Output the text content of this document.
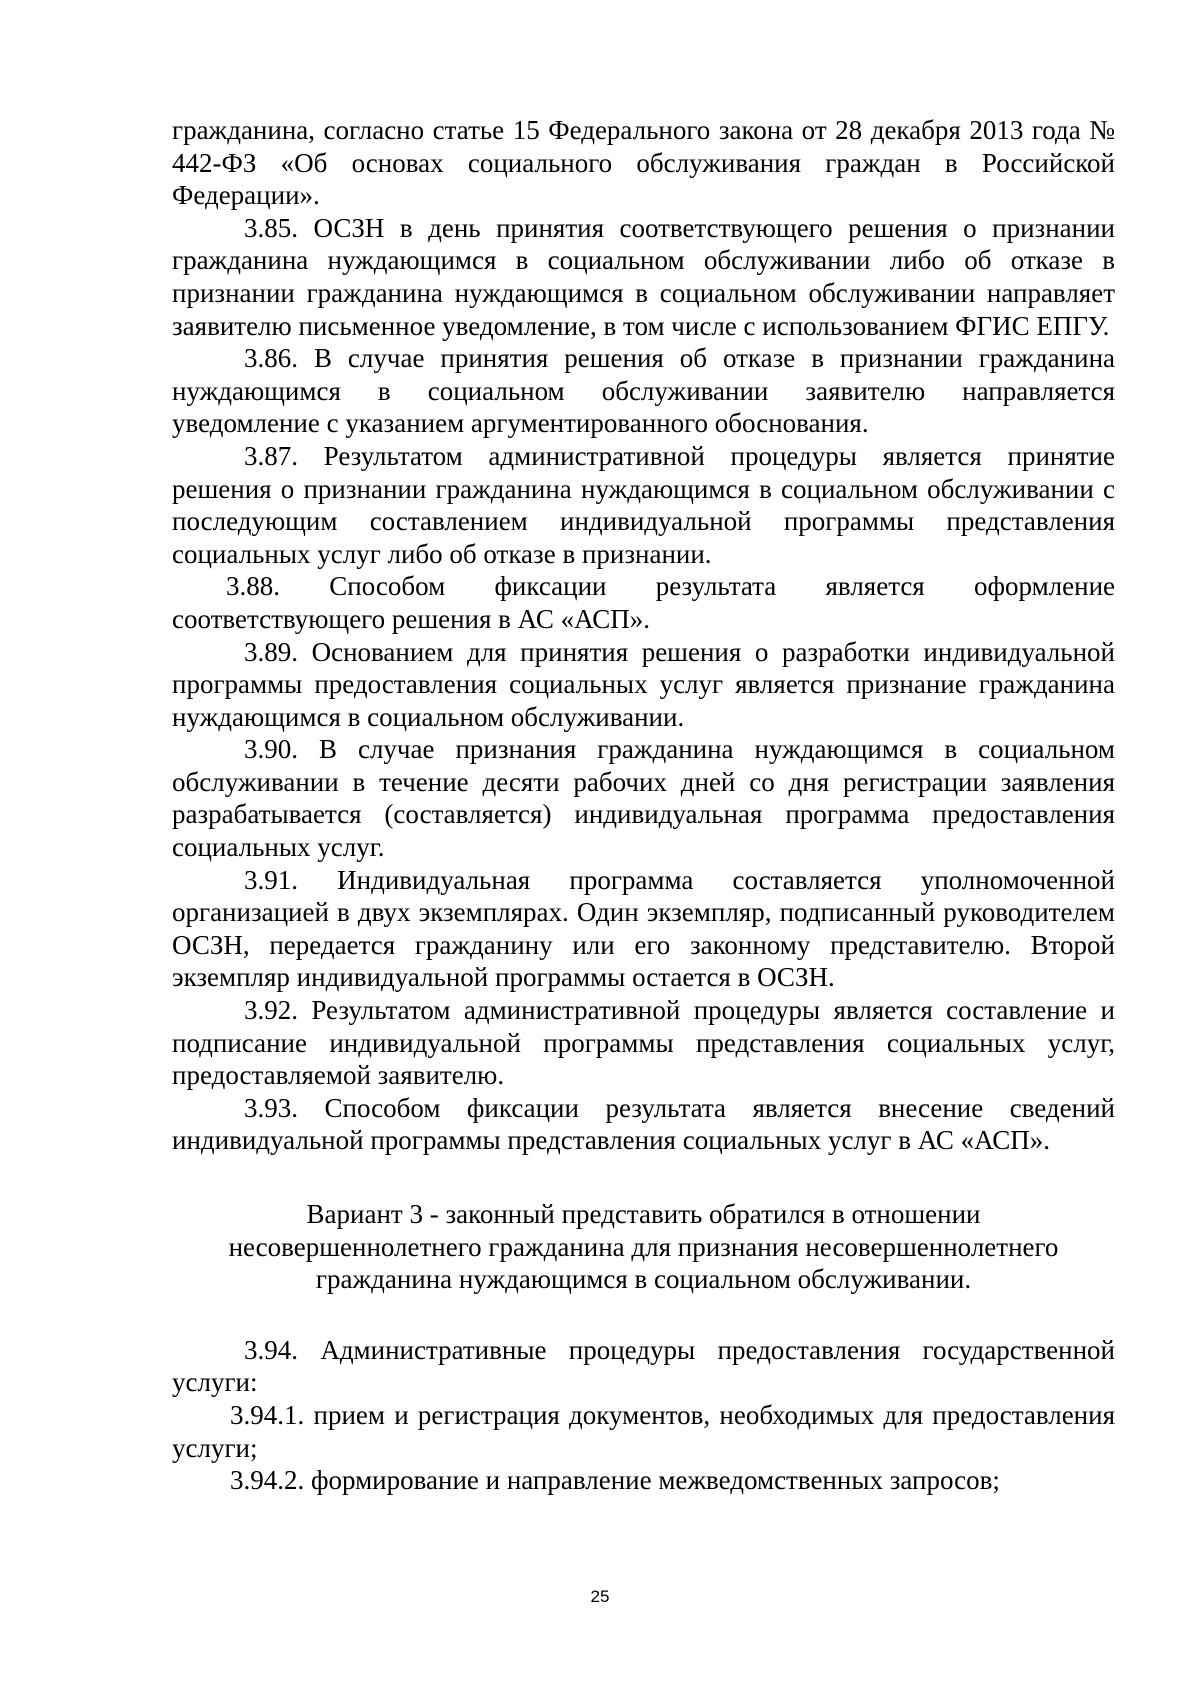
гражданина, согласно статье 15 Федерального закона от 28 декабря 2013 года № 442-ФЗ «Об основах социального обслуживания граждан в Российской Федерации».

3.85. ОСЗН в день принятия соответствующего решения о признании гражданина нуждающимся в социальном обслуживании либо об отказе в признании гражданина нуждающимся в социальном обслуживании направляет заявителю письменное уведомление, в том числе с использованием ФГИС ЕПГУ.

3.86. В случае принятия решения об отказе в признании гражданина нуждающимся в социальном обслуживании заявителю направляется уведомление с указанием аргументированного обоснования.

3.87. Результатом административной процедуры является принятие решения о признании гражданина нуждающимся в социальном обслуживании с последующим составлением индивидуальной программы представления социальных услуг либо об отказе в признании.

3.88. Способом фиксации результата является оформление соответствующего решения в АС «АСП».

3.89. Основанием для принятия решения о разработки индивидуальной программы предоставления социальных услуг является признание гражданина нуждающимся в социальном обслуживании.

3.90. В случае признания гражданина нуждающимся в социальном обслуживании в течение десяти рабочих дней со дня регистрации заявления разрабатывается (составляется) индивидуальная программа предоставления социальных услуг.

3.91. Индивидуальная программа составляется уполномоченной организацией в двух экземплярах. Один экземпляр, подписанный руководителем ОСЗН, передается гражданину или его законному представителю. Второй экземпляр индивидуальной программы остается в ОСЗН.

3.92. Результатом административной процедуры является составление и подписание индивидуальной программы представления социальных услуг, предоставляемой заявителю.

3.93. Способом фиксации результата является внесение сведений индивидуальной программы представления социальных услуг в АС «АСП».

Вариант 3 - законный представить обратился в отношении
несовершеннолетнего гражданина для признания несовершеннолетнего
гражданина нуждающимся в социальном обслуживании.

3.94. Административные процедуры предоставления государственной услуги:

3.94.1. прием и регистрация документов, необходимых для предоставления услуги;

3.94.2. формирование и направление межведомственных запросов;

25
